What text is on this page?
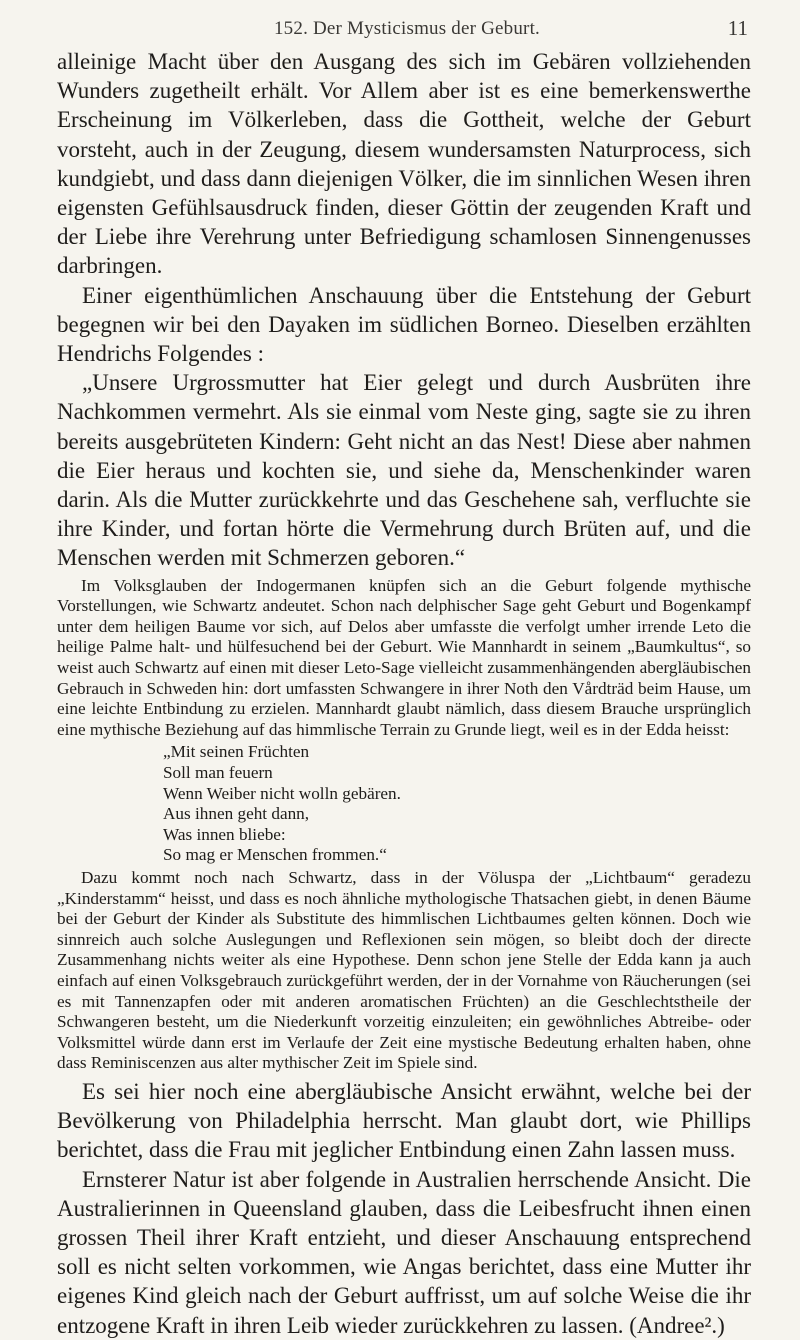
152. Der Mysticismus der Geburt.	11

alleinige Macht über den Ausgang des sich im Gebären vollziehenden Wunders zugetheilt erhält. Vor Allem aber ist es eine bemerkenswerthe Erscheinung im Völkerleben, dass die Gottheit, welche der Geburt vorsteht, auch in der Zeugung, diesem wundersamsten Naturprocess, sich kundgiebt, und dass dann diejenigen Völker, die im sinnlichen Wesen ihren eigensten Gefühlsausdruck finden, dieser Göttin der zeugenden Kraft und der Liebe ihre Verehrung unter Befriedigung schamlosen Sinnengenusses darbringen.

Einer eigenthümlichen Anschauung über die Entstehung der Geburt begegnen wir bei den Dayaken im südlichen Borneo. Dieselben erzählten Hendrichs Folgendes :

„Unsere Urgrossmutter hat Eier gelegt und durch Ausbrüten ihre Nachkommen vermehrt. Als sie einmal vom Neste ging, sagte sie zu ihren bereits ausgebrüteten Kindern: Geht nicht an das Nest! Diese aber nahmen die Eier heraus und kochten sie, und siehe da, Menschenkinder waren darin. Als die Mutter zurückkehrte und das Geschehene sah, verfluchte sie ihre Kinder, und fortan hörte die Vermehrung durch Brüten auf, und die Menschen werden mit Schmerzen geboren.“

Im Volksglauben der Indogermanen knüpfen sich an die Geburt folgende mythische Vorstellungen, wie Schwartz andeutet. Schon nach delphischer Sage geht Geburt und Bogenkampf unter dem heiligen Baume vor sich, auf Delos aber umfasste die verfolgt umher irrende Leto die heilige Palme halt- und hülfesuchend bei der Geburt. Wie Mannhardt in seinem „Baumkultus“, so weist auch Schwartz auf einen mit dieser Leto-Sage vielleicht zusammenhängenden abergläubischen Gebrauch in Schweden hin: dort umfassten Schwangere in ihrer Noth den Vårdträd beim Hause, um eine leichte Entbindung zu erzielen. Mannhardt glaubt nämlich, dass diesem Brauche ursprünglich eine mythische Beziehung auf das himmlische Terrain zu Grunde liegt, weil es in der Edda heisst:

„Mit seinen Früchten
Soll man feuern
Wenn Weiber nicht wolln gebären.
Aus ihnen geht dann,
Was innen bliebe:
So mag er Menschen frommen.“

Dazu kommt noch nach Schwartz, dass in der Völuspa der „Lichtbaum“ geradezu „Kinderstamm“ heisst, und dass es noch ähnliche mythologische Thatsachen giebt, in denen Bäume bei der Geburt der Kinder als Substitute des himmlischen Lichtbaumes gelten können. Doch wie sinnreich auch solche Auslegungen und Reflexionen sein mögen, so bleibt doch der directe Zusammenhang nichts weiter als eine Hypothese. Denn schon jene Stelle der Edda kann ja auch einfach auf einen Volksgebrauch zurückgeführt werden, der in der Vornahme von Räucherungen (sei es mit Tannenzapfen oder mit anderen aromatischen Früchten) an die Geschlechtstheile der Schwangeren besteht, um die Niederkunft vorzeitig einzuleiten; ein gewöhnliches Abtreibe- oder Volksmittel würde dann erst im Verlaufe der Zeit eine mystische Bedeutung erhalten haben, ohne dass Reminiscenzen aus alter mythischer Zeit im Spiele sind.

Es sei hier noch eine abergläubische Ansicht erwähnt, welche bei der Bevölkerung von Philadelphia herrscht. Man glaubt dort, wie Phillips berichtet, dass die Frau mit jeglicher Entbindung einen Zahn lassen muss.

Ernsterer Natur ist aber folgende in Australien herrschende Ansicht. Die Australierinnen in Queensland glauben, dass die Leibesfrucht ihnen einen grossen Theil ihrer Kraft entzieht, und dieser Anschauung entsprechend soll es nicht selten vorkommen, wie Angas berichtet, dass eine Mutter ihr eigenes Kind gleich nach der Geburt auffrisst, um auf solche Weise die ihr entzogene Kraft in ihren Leib wieder zurückkehren zu lassen. (Andree².)
